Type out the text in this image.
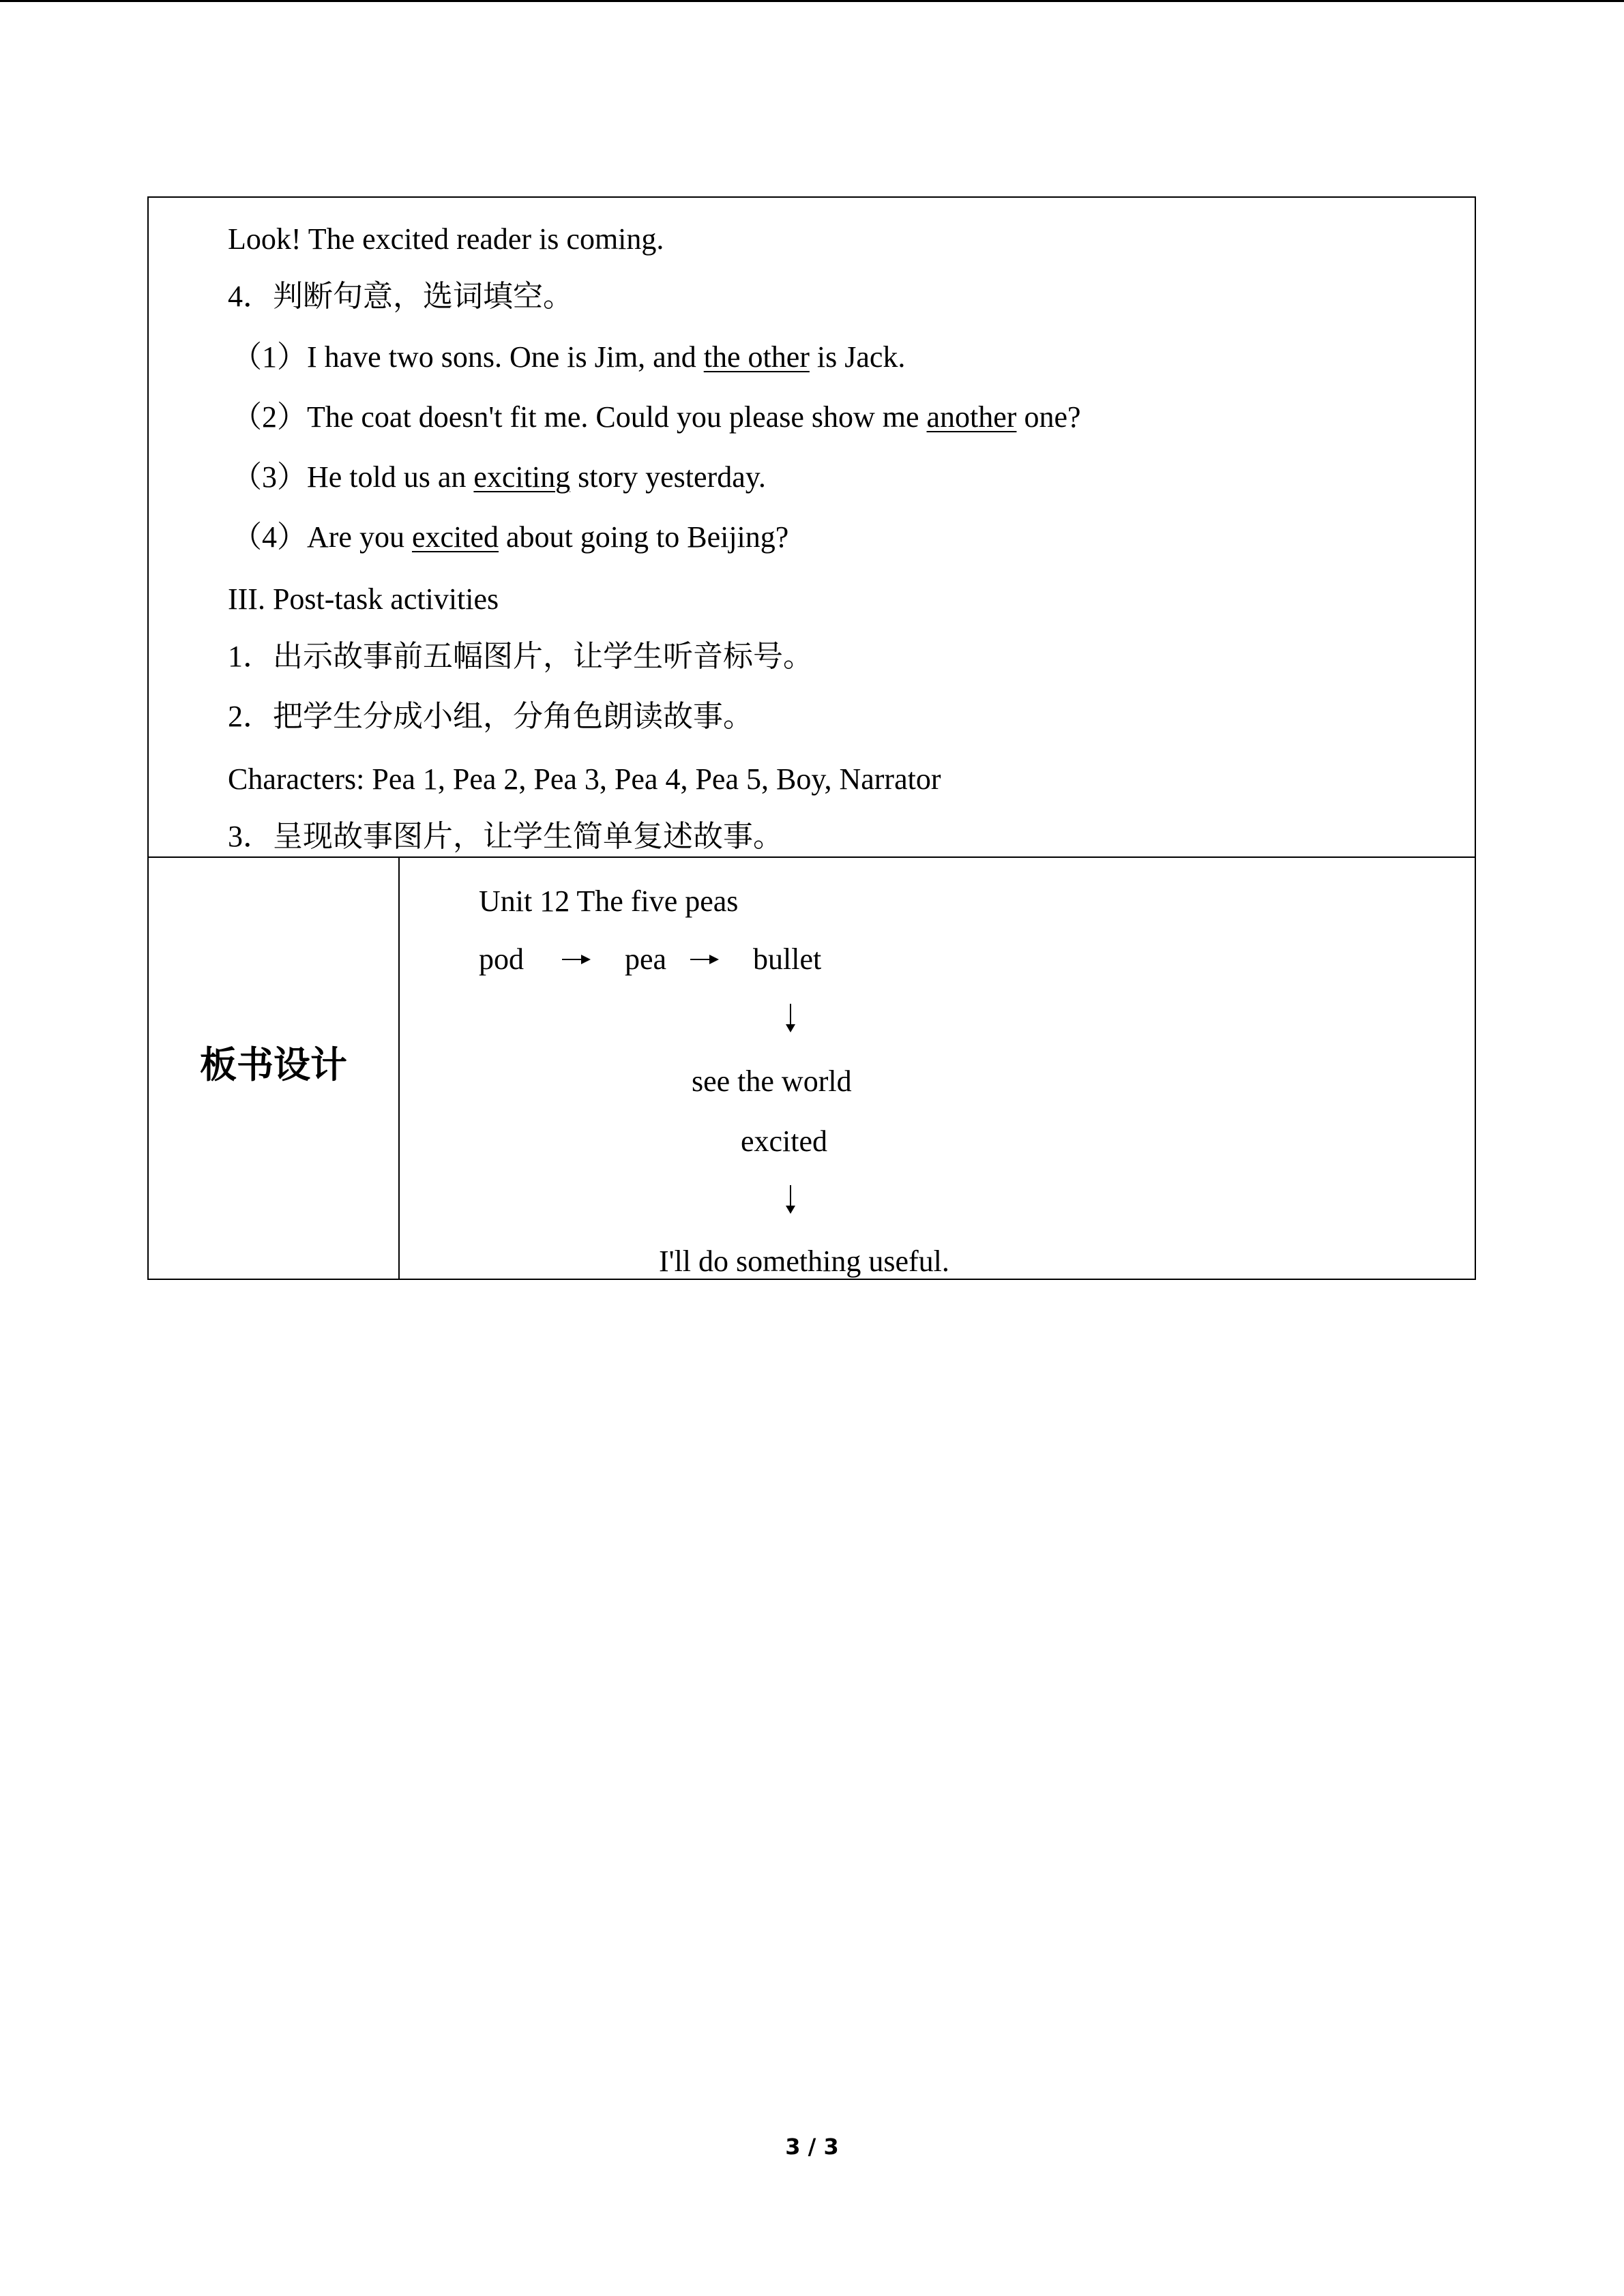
Look! The excited reader is coming.
4．判断句意，选词填空。
（1）I have two sons. One is Jim, and the other is Jack.
（2）The coat doesn't fit me. Could you please show me another one?
（3）He told us an exciting story yesterday.
（4）Are you excited about going to Beijing?
III. Post-task activities
1．出示故事前五幅图片，让学生听音标号。
2．把学生分成小组，分角色朗读故事。
Characters: Pea 1, Pea 2, Pea 3, Pea 4, Pea 5, Boy, Narrator
3．呈现故事图片，让学生简单复述故事。
板书设计
Unit 12 The five peas
pod	pea	bullet
see the world
excited
I'll do something useful.
3 / 3
